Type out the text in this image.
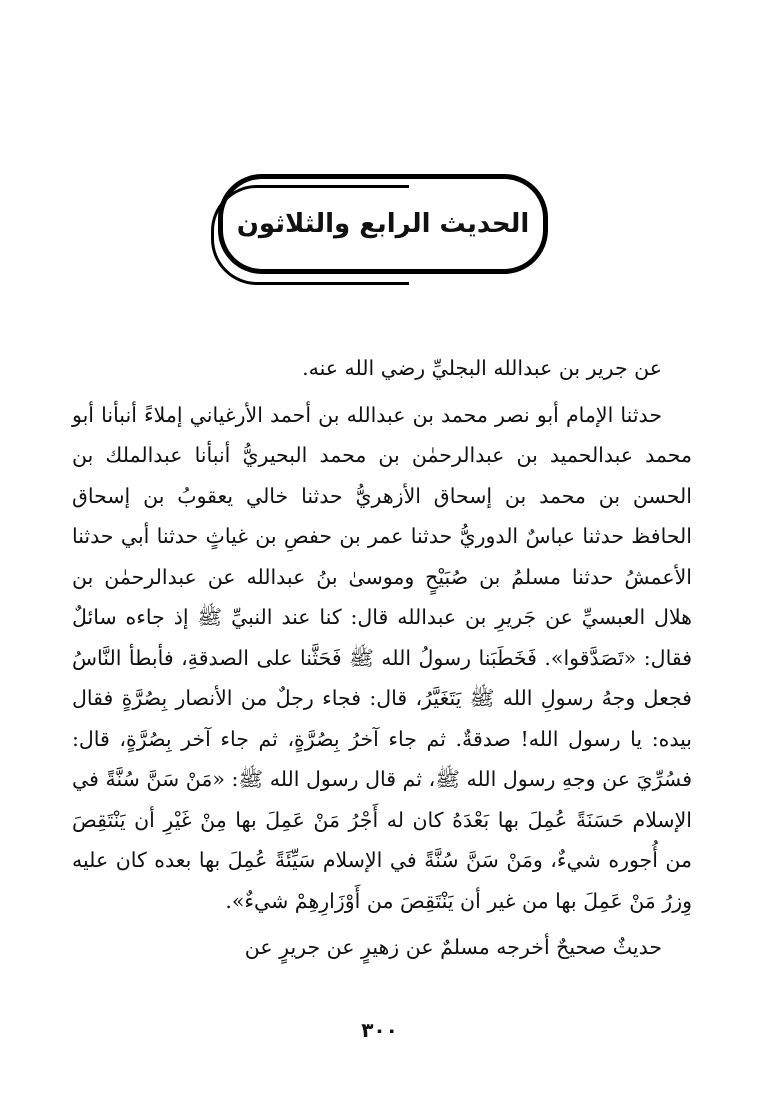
الحديث الرابع والثلاثون

عن جرير بن عبدالله البجليِّ رضي الله عنه.

حدثنا الإمام أبو نصر محمد بن عبدالله بن أحمد الأرغياني إملاءً أنبأنا أبو محمد عبدالحميد بن عبدالرحمٰن بن محمد البحيريُّ أنبأنا عبدالملك بن الحسن بن محمد بن إسحاق الأزهريُّ حدثنا خالي يعقوبُ بن إسحاق الحافظ حدثنا عباسٌ الدوريُّ حدثنا عمر بن حفصِ بن غياثٍ حدثنا أبي حدثنا الأعمشُ حدثنا مسلمُ بن صُبَيْحٍ وموسىٰ بنُ عبدالله عن عبدالرحمٰن بن هلال العبسيِّ عن جَريرِ بن عبدالله قال: كنا عند النبيِّ ﷺ إذ جاءه سائلٌ فقال: «تَصَدَّقوا». فَخَطَبَنا رسولُ الله ﷺ فَحَثَّنا على الصدقةِ، فأبطأ النَّاسُ فجعل وجهُ رسولِ الله ﷺ يَتَغَيَّرُ، قال: فجاء رجلٌ من الأنصار بِصُرَّةٍ فقال بيده: يا رسول الله! صدقةٌ. ثم جاء آخرُ بِصُرَّةٍ، ثم جاء آخر بِصُرَّةٍ، قال: فسُرِّيَ عن وجهِ رسول الله ﷺ، ثم قال رسول الله ﷺ: «مَنْ سَنَّ سُنَّةً في الإسلام حَسَنَةً عُمِلَ بها بَعْدَهُ كان له أَجْرُ مَنْ عَمِلَ بها مِنْ غَيْرِ أن يَنْتَقِصَ من أُجوره شيءٌ، ومَنْ سَنَّ سُنَّةً في الإسلام سَيِّئَةً عُمِلَ بها بعده كان عليه وِزرُ مَنْ عَمِلَ بها من غير أن يَنْتَقِصَ من أَوْزَارِهِمْ شيءٌ».

حديثٌ صحيحٌ أخرجه مسلمٌ عن زهيرٍ عن جريرٍ عن

٣٠٠
